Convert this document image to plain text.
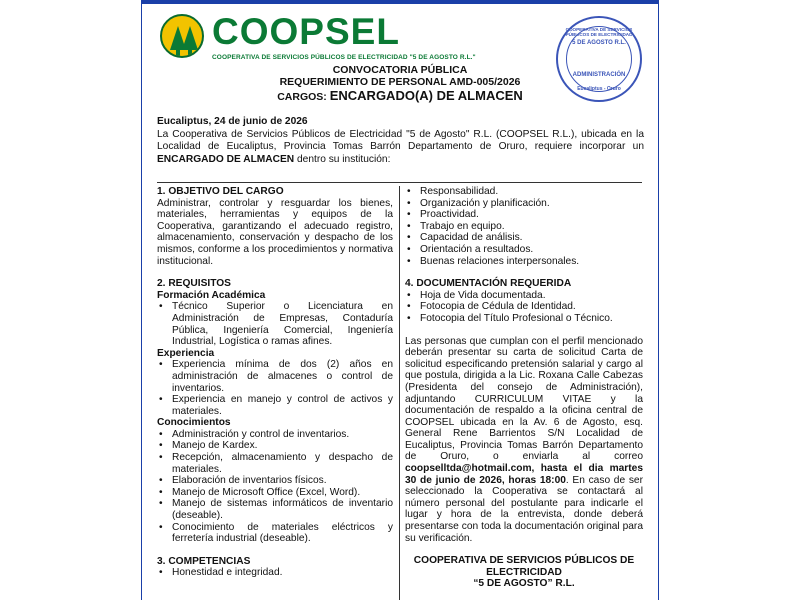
COOPSEL
COOPERATIVA DE SERVICIOS PÚBLICOS DE ELECTRICIDAD "5 DE AGOSTO R.L."
COOPERATIVA DE SERVICIOS PÚBLICOS DE ELECTRICIDAD
5 DE AGOSTO R.L.
ADMINISTRACIÓN
Eucaliptus - Oruro
CONVOCATORIA PÚBLICA
REQUERIMIENTO DE PERSONAL AMD-005/2026
CARGOS: ENCARGADO(A) DE ALMACEN
Eucaliptus, 24 de junio de 2026
La Cooperativa de Servicios Públicos de Electricidad "5 de Agosto" R.L. (COOPSEL R.L.), ubicada en la Localidad de Eucaliptus, Provincia Tomas Barrón Departamento de Oruro, requiere incorporar un ENCARGADO DE ALMACEN dentro su institución:
1. OBJETIVO DEL CARGO
Administrar, controlar y resguardar los bienes, materiales, herramientas y equipos de la Cooperativa, garantizando el adecuado registro, almacenamiento, conservación y despacho de los mismos, conforme a los procedimientos y normativa institucional.
2. REQUISITOS
Formación Académica
• Técnico Superior o Licenciatura en Administración de Empresas, Contaduría Pública, Ingeniería Comercial, Ingeniería Industrial, Logística o ramas afines.
Experiencia
• Experiencia mínima de dos (2) años en administración de almacenes o control de inventarios.
• Experiencia en manejo y control de activos y materiales.
Conocimientos
• Administración y control de inventarios.
• Manejo de Kardex.
• Recepción, almacenamiento y despacho de materiales.
• Elaboración de inventarios físicos.
• Manejo de Microsoft Office (Excel, Word).
• Manejo de sistemas informáticos de inventario (deseable).
• Conocimiento de materiales eléctricos y ferretería industrial (deseable).
3. COMPETENCIAS
• Honestidad e integridad.
• Responsabilidad.
• Organización y planificación.
• Proactividad.
• Trabajo en equipo.
• Capacidad de análisis.
• Orientación a resultados.
• Buenas relaciones interpersonales.
4. DOCUMENTACIÓN REQUERIDA
• Hoja de Vida documentada.
• Fotocopia de Cédula de Identidad.
• Fotocopia del Título Profesional o Técnico.
Las personas que cumplan con el perfil mencionado deberán presentar su carta de solicitud Carta de solicitud especificando pretensión salarial y cargo al que postula, dirigida a la Lic. Roxana Calle Cabezas (Presidenta del consejo de Administración), adjuntando CURRICULUM VITAE y la documentación de respaldo a la oficina central de COOPSEL ubicada en la Av. 6 de Agosto, esq. General Rene Barrientos S/N Localidad de Eucaliptus, Provincia Tomas Barrón Departamento de Oruro, o enviarla al correo coopselltda@hotmail.com, hasta el dia martes 30 de junio de 2026, horas 18:00. En caso de ser seleccionado la Cooperativa se contactará al número personal del postulante para indicarle el lugar y hora de la entrevista, donde deberá presentarse con toda la documentación original para su verificación.
COOPERATIVA DE SERVICIOS PÚBLICOS DE
ELECTRICIDAD
“5 DE AGOSTO” R.L.
